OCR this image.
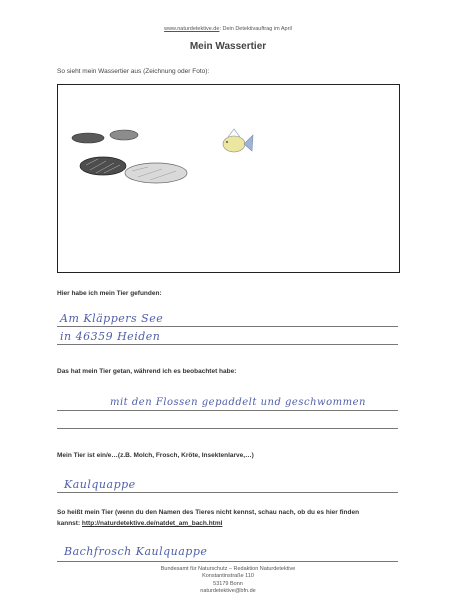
www.naturdetektive.de: Dein Detektivauftrag im April
Mein Wassertier
So sieht mein Wassertier aus (Zeichnung oder Foto):
Hier habe ich mein Tier gefunden:
Am Kläppers See
in 46359 Heiden
Das hat mein Tier getan, während ich es beobachtet habe:
mit den Flossen gepaddelt und geschwommen
Mein Tier ist ein/e…(z.B. Molch, Frosch, Kröte, Insektenlarve,…)
Kaulquappe
So heißt mein Tier (wenn du den Namen des Tieres nicht kennst, schau nach, ob du es hier finden
kannst: http://naturdetektive.de/natdet_am_bach.html
Bachfrosch Kaulquappe
Bundesamt für Naturschutz – Redaktion Naturdetektive
Konstantinstraße 110
53179 Bonn
naturdetektive@bfn.de
